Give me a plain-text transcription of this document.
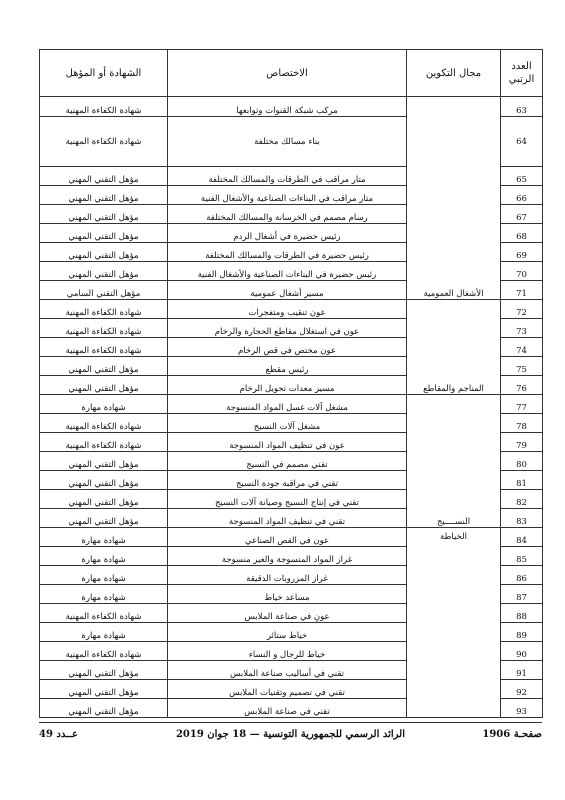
العدد الرتبي	مجال التكوين	الاختصاص	الشهادة أو المؤهل
63	الأشغال العمومية	مركب شبكة القنوات وتوابعها	شهادة الكفاءة المهنية
64		بناء مسالك مختلفة	شهادة الكفاءة المهنية
65		متار مراقب في الطرقات والمسالك المختلفة	مؤهل التقني المهني
66		متار مراقب في البناءات الصناعية والأشغال الفنية	مؤهل التقني المهني
67		رسام مصمم في الخرسانة والمسالك المختلفة	مؤهل التقني المهني
68		رئيس حضيرة في أشغال الردم	مؤهل التقني المهني
69		رئيس حضيرة في الطرقات والمسالك المختلفة	مؤهل التقني المهني
70		رئيس حضيرة في البناءات الصناعية والأشغال الفنية	مؤهل التقني المهني
71		مسير أشغال عمومية	مؤهل التقني السامي
72	المناجم والمقاطع	عون تنقيب ومتفجرات	شهادة الكفاءة المهنية
73		عون في استغلال مقاطع الحجارة والرخام	شهادة الكفاءة المهنية
74		عون مختص في قص الرخام	شهادة الكفاءة المهنية
75		رئيس مقطع	مؤهل التقني المهني
76		مسير معدات تحويل الرخام	مؤهل التقني المهني
77	النســــيج	مشغل آلات غسل المواد المنسوجة	شهادة مهارة
78		مشغل آلات النسيج	شهادة الكفاءة المهنية
79		عون في تنظيف المواد المنسوجة	شهادة الكفاءة المهنية
80		تقني مصمم في النسيج	مؤهل التقني المهني
81		تقني في مراقبة جودة النسيج	مؤهل التقني المهني
82		تقني في إنتاج النسيج وصيانة آلات النسيج	مؤهل التقني المهني
83		تقني في تنظيف المواد المنسوجة	مؤهل التقني المهني
84	الخياطة	عون في القص الصناعي	شهادة مهارة
85		غراز المواد المنسوجة والغير منسوجة	شهادة مهارة
86		غراز المزروبات الدقيقة	شهادة مهارة
87		مساعد خياط	شهادة مهارة
88		عونٍ في صناعة الملابس	شهادة الكفاءة المهنية
89		خياط ستائر	شهادة مهارة
90		خياط للرجال و النساء	شهادة الكفاءة المهنية
91		تقني في أساليب صناعة الملابس	مؤهل التقني المهني
92		تقني في تصميم وتقنيات الملابس	مؤهل التقني المهني
93		تقني في صناعة الملابس	مؤهل التقني المهني
صفحـة 1906
الرائد الرسمي للجمهورية التونسية — 18 جوان 2019
عــدد 49
